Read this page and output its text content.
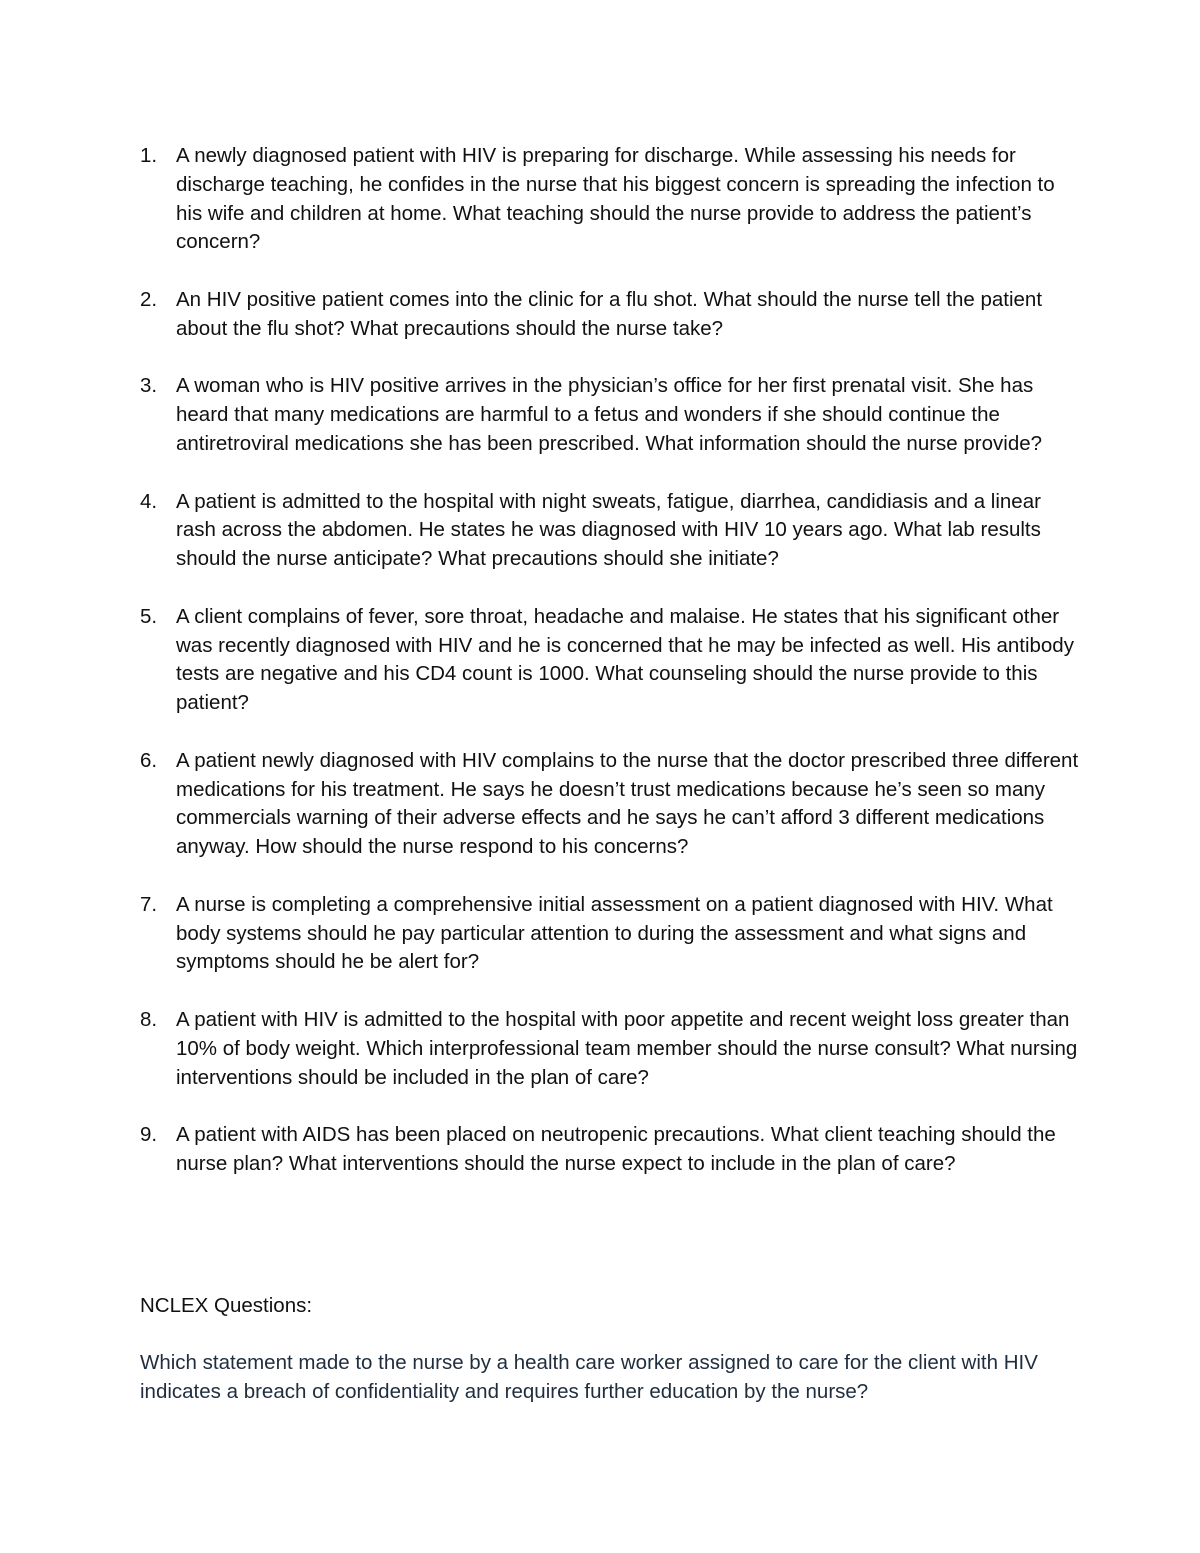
1. A newly diagnosed patient with HIV is preparing for discharge. While assessing his needs for discharge teaching, he confides in the nurse that his biggest concern is spreading the infection to his wife and children at home. What teaching should the nurse provide to address the patient’s concern?
2. An HIV positive patient comes into the clinic for a flu shot. What should the nurse tell the patient about the flu shot? What precautions should the nurse take?
3. A woman who is HIV positive arrives in the physician’s office for her first prenatal visit. She has heard that many medications are harmful to a fetus and wonders if she should continue the antiretroviral medications she has been prescribed. What information should the nurse provide?
4. A patient is admitted to the hospital with night sweats, fatigue, diarrhea, candidiasis and a linear rash across the abdomen. He states he was diagnosed with HIV 10 years ago. What lab results should the nurse anticipate? What precautions should she initiate?
5. A client complains of fever, sore throat, headache and malaise. He states that his significant other was recently diagnosed with HIV and he is concerned that he may be infected as well. His antibody tests are negative and his CD4 count is 1000. What counseling should the nurse provide to this patient?
6. A patient newly diagnosed with HIV complains to the nurse that the doctor prescribed three different medications for his treatment. He says he doesn’t trust medications because he’s seen so many commercials warning of their adverse effects and he says he can’t afford 3 different medications anyway. How should the nurse respond to his concerns?
7. A nurse is completing a comprehensive initial assessment on a patient diagnosed with HIV. What body systems should he pay particular attention to during the assessment and what signs and symptoms should he be alert for?
8. A patient with HIV is admitted to the hospital with poor appetite and recent weight loss greater than 10% of body weight. Which interprofessional team member should the nurse consult? What nursing interventions should be included in the plan of care?
9. A patient with AIDS has been placed on neutropenic precautions. What client teaching should the nurse plan? What interventions should the nurse expect to include in the plan of care?
NCLEX Questions:
Which statement made to the nurse by a health care worker assigned to care for the client with HIV indicates a breach of confidentiality and requires further education by the nurse?
